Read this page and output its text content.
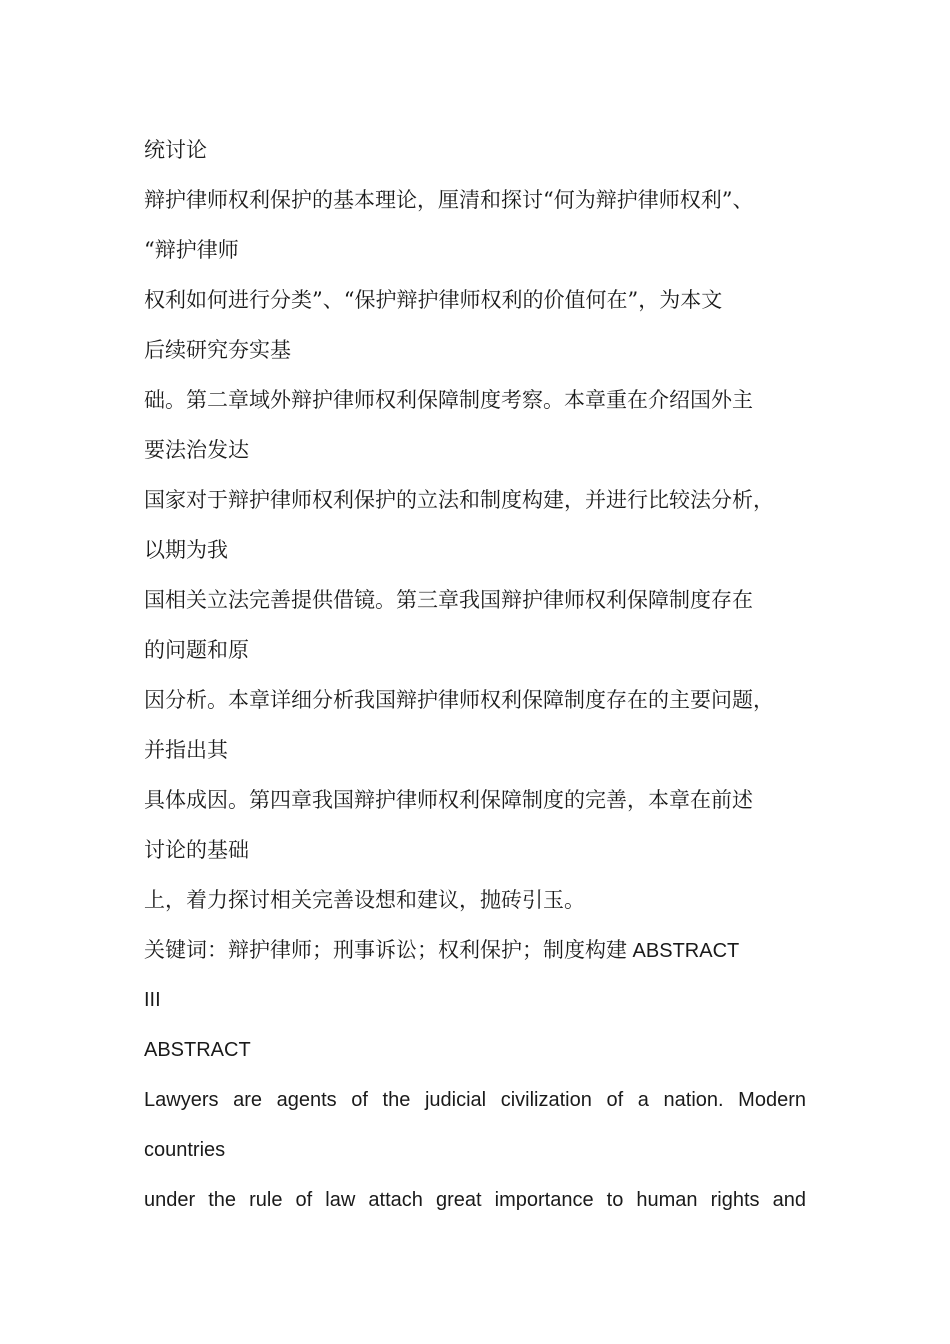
统讨论
辩护律师权利保护的基本理论，厘清和探讨“何为辩护律师权利”、
“辩护律师
权利如何进行分类”、“保护辩护律师权利的价值何在”，为本文
后续研究夯实基
础。第二章域外辩护律师权利保障制度考察。本章重在介绍国外主
要法治发达
国家对于辩护律师权利保护的立法和制度构建，并进行比较法分析，
以期为我
国相关立法完善提供借镜。第三章我国辩护律师权利保障制度存在
的问题和原
因分析。本章详细分析我国辩护律师权利保障制度存在的主要问题，
并指出其
具体成因。第四章我国辩护律师权利保障制度的完善，本章在前述
讨论的基础
上，着力探讨相关完善设想和建议，抛砖引玉。
关键词：辩护律师；刑事诉讼；权利保护；制度构建 ABSTRACT
III
ABSTRACT
Lawyers are agents of the judicial civilization of a nation. Modern
countries
under the rule of law attach great importance to human rights and
